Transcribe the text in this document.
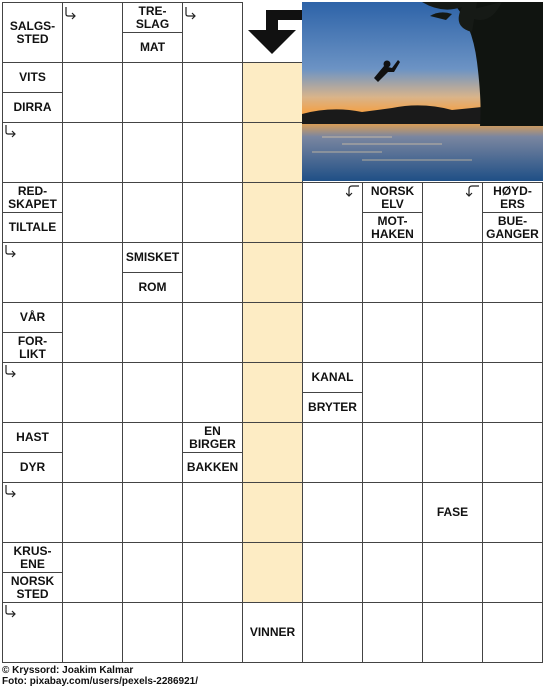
SALGS-
STED
TRE-
SLAG
MAT
VITS
DIRRA
RED-
SKAPET
TILTALE
NORSK
ELV
MOT-
HAKEN
HØYD-
ERS
BUE-
GANGER
SMISKET
ROM
VÅR
FOR-
LIKT
KANAL
BRYTER
HAST
DYR
EN
BIRGER
BAKKEN
FASE
KRUS-
ENE
NORSK
STED
VINNER
© Kryssord: Joakim Kalmar
Foto: pixabay.com/users/pexels-2286921/
